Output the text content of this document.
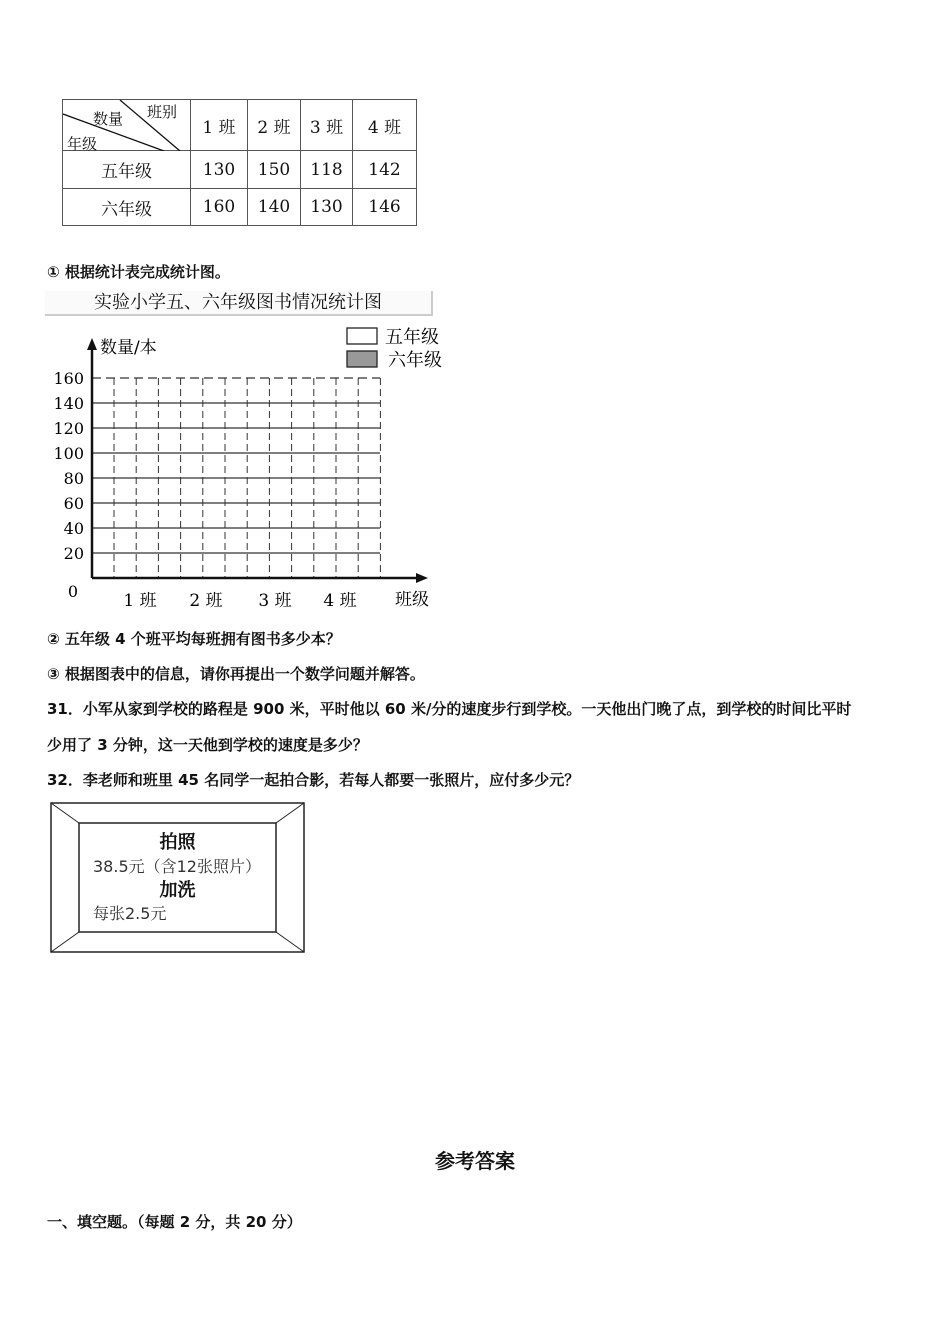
班别
数量
年级	1 班	2 班	3 班	4 班
五年级	130	150	118	142
六年级	160	140	130	146
① 根据统计表完成统计图。
实验小学五、六年级图书情况统计图
0
20
40
60
80
100
120
140
160
数量/本
班级
1 班 2 班 3 班 4 班
五年级
六年级
② 五年级 4 个班平均每班拥有图书多少本？
③ 根据图表中的信息，请你再提出一个数学问题并解答。
31．小军从家到学校的路程是 900 米，平时他以 60 米/分的速度步行到学校。一天他出门晚了点，到学校的时间比平时
少用了 3 分钟，这一天他到学校的速度是多少？
32．李老师和班里 45 名同学一起拍合影，若每人都要一张照片，应付多少元？
拍照
38.5元（含12张照片）
加洗
每张2.5元
参考答案
一、填空题。（每题 2 分，共 20 分）
